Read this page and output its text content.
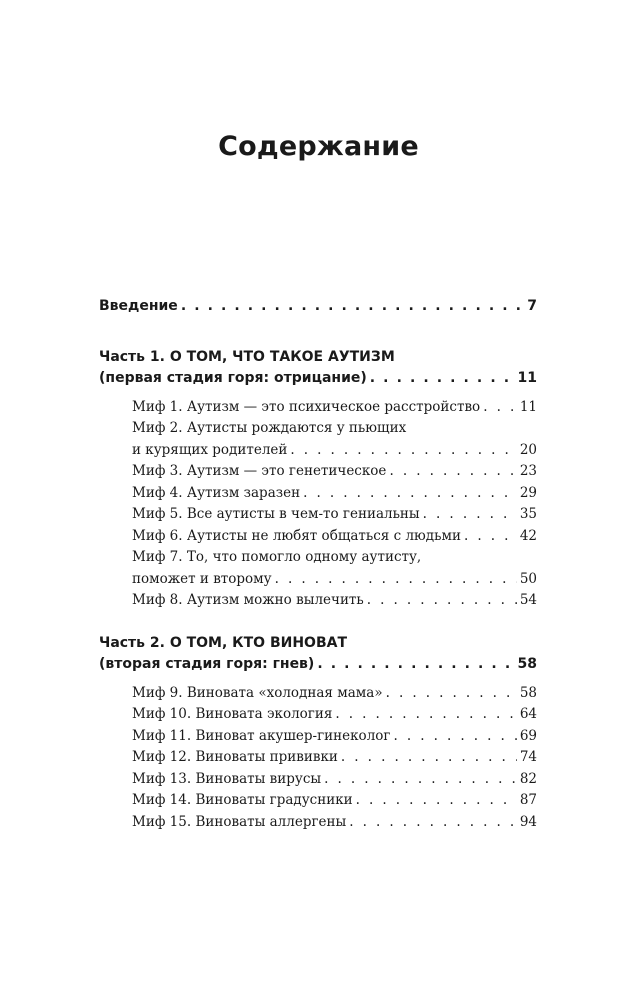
Содержание
Введение . . .	7
Часть 1. О ТОМ, ЧТО ТАКОЕ АУТИЗМ
(первая стадия горя: отрицание) . . .	11
Миф 1. Аутизм — это психическое расстройство . . .	11
Миф 2. Аутисты рождаются у пьющих
и курящих родителей . . .	20
Миф 3. Аутизм — это генетическое . . .	23
Миф 4. Аутизм заразен . . .	29
Миф 5. Все аутисты в чем-то гениальны . . .	35
Миф 6. Аутисты не любят общаться с людьми . . .	42
Миф 7. То, что помогло одному аутисту,
поможет и второму . . .	50
Миф 8. Аутизм можно вылечить . . .	54
Часть 2. О ТОМ, КТО ВИНОВАТ
(вторая стадия горя: гнев) . . .	58
Миф 9. Виновата «холодная мама» . . .	58
Миф 10. Виновата экология . . .	64
Миф 11. Виноват акушер-гинеколог . . .	69
Миф 12. Виноваты прививки . . .	74
Миф 13. Виноваты вирусы . . .	82
Миф 14. Виноваты градусники . . .	87
Миф 15. Виноваты аллергены . . .	94
